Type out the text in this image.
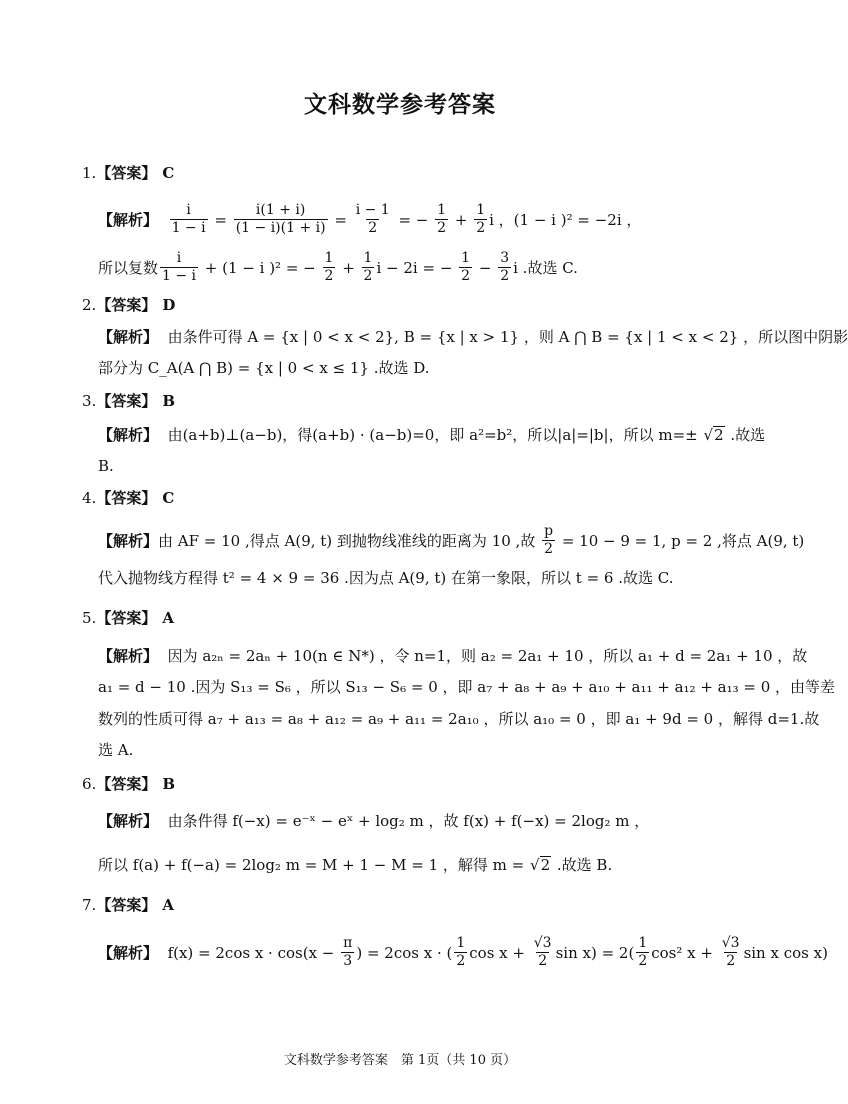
文科数学参考答案
1. 【答案】 C
【解析】
$\frac{i}{1 - i} = \frac{i(1 + i)}{(1 - i)(1 + i)} = \frac{i - 1}{2}$ = − $\frac{1}{2} + \frac{1}{2}$ i ，(1 − i )² = −2i ，
所以复数 $\frac{i}{1 - i} + (1 - i$ )² = − $\frac{1}{2} + \frac{1}{2}$ i − 2i = − $\frac{1}{2} - \frac{3}{2}$ i .故选 C.
2. 【答案】 D
【解析】
由条件可得 A = {x | 0 < x < 2}, B = {x | x > 1} ，则 A ⋂ B = {x | 1 < x < 2} ，所以图中阴影
部分为 C_A(A ⋂ B) = {x | 0 < x ≤ 1} .故选 D.
3. 【答案】 B
【解析】
由(a+b)⊥(a−b)，得(a+b) · (a−b)=0，即 a²=b²，所以|a|=|b|，所以 m=± √ 2 .故选
B.
4. 【答案】 C
【解析】 由 AF = 10 ,得点 A(9, t) 到抛物线准线的距离为 10 ,故 $\frac{p}{2} = 10 - 9 = 1$, p = 2 ,将点 A(9, t)
代入抛物线方程得 t² = 4 × 9 = 36 .因为点 A(9, t) 在第一象限，所以 t = 6 .故选 C.
5. 【答案】 A
【解析】
因为 a₂ₙ = 2aₙ + 10(n ∈ N*) ，令 n=1，则 a₂ = 2a₁ + 10 ，所以 a₁ + d = 2a₁ + 10 ，故
a₁ = d − 10 .因为 S₁₃ = S₆ ，所以 S₁₃ − S₆ = 0 ，即 a₇ + a₈ + a₉ + a₁₀ + a₁₁ + a₁₂ + a₁₃ = 0 ，由等差
数列的性质可得 a₇ + a₁₃ = a₈ + a₁₂ = a₉ + a₁₁ = 2a₁₀ ，所以 a₁₀ = 0 ，即 a₁ + 9d = 0 ，解得 d=1.故
选 A.
6. 【答案】 B
【解析】
由条件得 f(−x) = e⁻ˣ − eˣ + log₂ m ，故 f(x) + f(−x) = 2log₂ m ，
所以 f(a) + f(−a) = 2log₂ m = M + 1 − M = 1 ，解得 m = √ 2 .故选 B.
7. 【答案】 A
【解析】
f(x) = 2cos $x \cdot \cos(x - \frac{\pi}{3}$ ) = 2cos x · ( $\frac{1}{2}$ $\cos x + \frac{√3}{2}$ $\sin x) = 2( \frac{1}{2} \cos^2$ $x + \frac{√3}{2}$ sin x cos x)
文科数学参考答案　第 1页（共 10 页）
